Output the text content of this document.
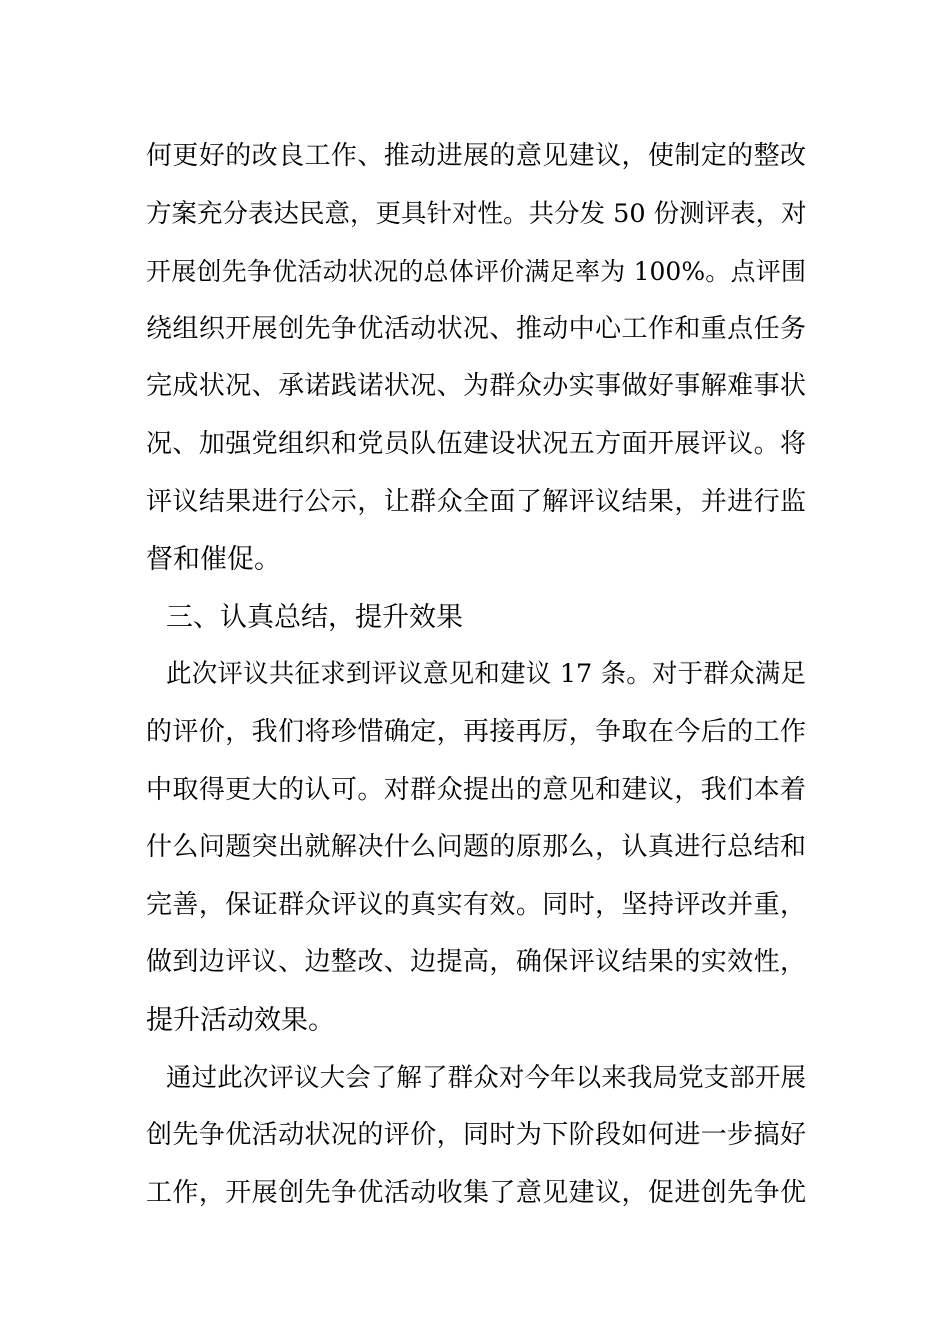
何更好的改良工作、推动进展的意见建议，使制定的整改
方案充分表达民意，更具针对性。共分发 50 份测评表，对
开展创先争优活动状况的总体评价满足率为 100%。点评围
绕组织开展创先争优活动状况、推动中心工作和重点任务
完成状况、承诺践诺状况、为群众办实事做好事解难事状
况、加强党组织和党员队伍建设状况五方面开展评议。将
评议结果进行公示，让群众全面了解评议结果，并进行监
督和催促。
三、认真总结，提升效果
此次评议共征求到评议意见和建议 17 条。对于群众满足
的评价，我们将珍惜确定，再接再厉，争取在今后的工作
中取得更大的认可。对群众提出的意见和建议，我们本着
什么问题突出就解决什么问题的原那么，认真进行总结和
完善，保证群众评议的真实有效。同时，坚持评改并重，
做到边评议、边整改、边提高，确保评议结果的实效性，
提升活动效果。
通过此次评议大会了解了群众对今年以来我局党支部开展
创先争优活动状况的评价，同时为下阶段如何进一步搞好
工作，开展创先争优活动收集了意见建议，促进创先争优
